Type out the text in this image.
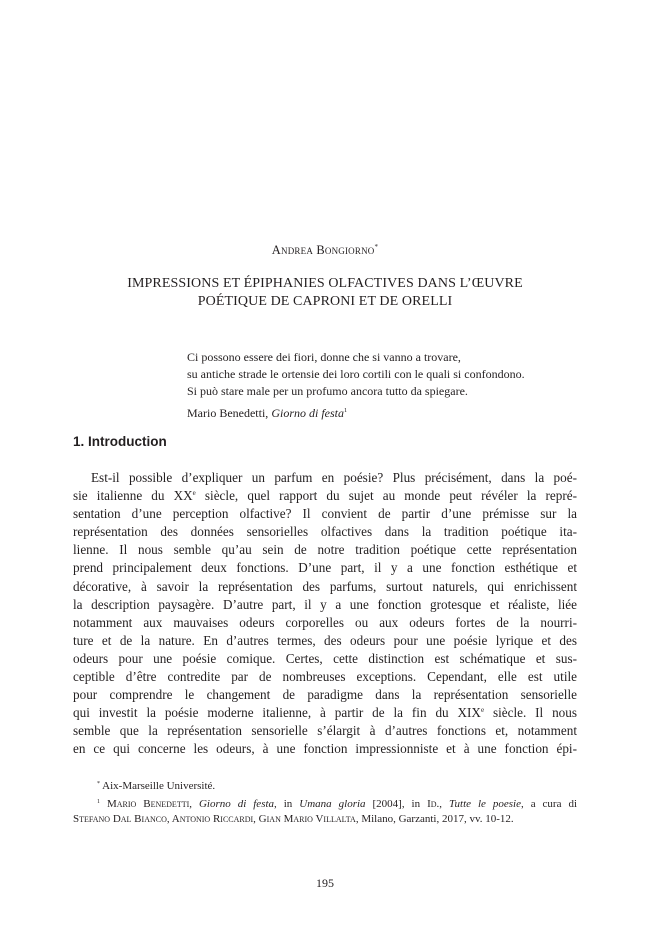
Andrea Bongiorno*
IMPRESSIONS ET ÉPIPHANIES OLFACTIVES DANS L’ŒUVRE
POÉTIQUE DE CAPRONI ET DE ORELLI
Ci possono essere dei fiori, donne che si vanno a trovare,
su antiche strade le ortensie dei loro cortili con le quali si confondono.
Si può stare male per un profumo ancora tutto da spiegare.
Mario Benedetti, Giorno di festa$^1$
1. Introduction
Est-il possible d’expliquer un parfum en poésie? Plus précisément, dans la poé-
sie italienne du XXe siècle, quel rapport du sujet au monde peut révéler la repré-
sentation d’une perception olfactive? Il convient de partir d’une prémisse sur la
représentation des données sensorielles olfactives dans la tradition poétique ita-
lienne. Il nous semble qu’au sein de notre tradition poétique cette représentation
prend principalement deux fonctions. D’une part, il y a une fonction esthétique et
décorative, à savoir la représentation des parfums, surtout naturels, qui enrichissent
la description paysagère. D’autre part, il y a une fonction grotesque et réaliste, liée
notamment aux mauvaises odeurs corporelles ou aux odeurs fortes de la nourri-
ture et de la nature. En d’autres termes, des odeurs pour une poésie lyrique et des
odeurs pour une poésie comique. Certes, cette distinction est schématique et sus-
ceptible d’être contredite par de nombreuses exceptions. Cependant, elle est utile
pour comprendre le changement de paradigme dans la représentation sensorielle
qui investit la poésie moderne italienne, à partir de la fin du XIXe siècle. Il nous
semble que la représentation sensorielle s’élargit à d’autres fonctions et, notamment
en ce qui concerne les odeurs, à une fonction impressionniste et à une fonction épi-
* Aix-Marseille Université.
$^1$ Mario Benedetti, Giorno di festa, in Umana gloria [2004], in Id., Tutte le poesie, a cura di
Stefano Dal Bianco, Antonio Riccardi, Gian Mario Villalta, Milano, Garzanti, 2017, vv. 10-12.
195
